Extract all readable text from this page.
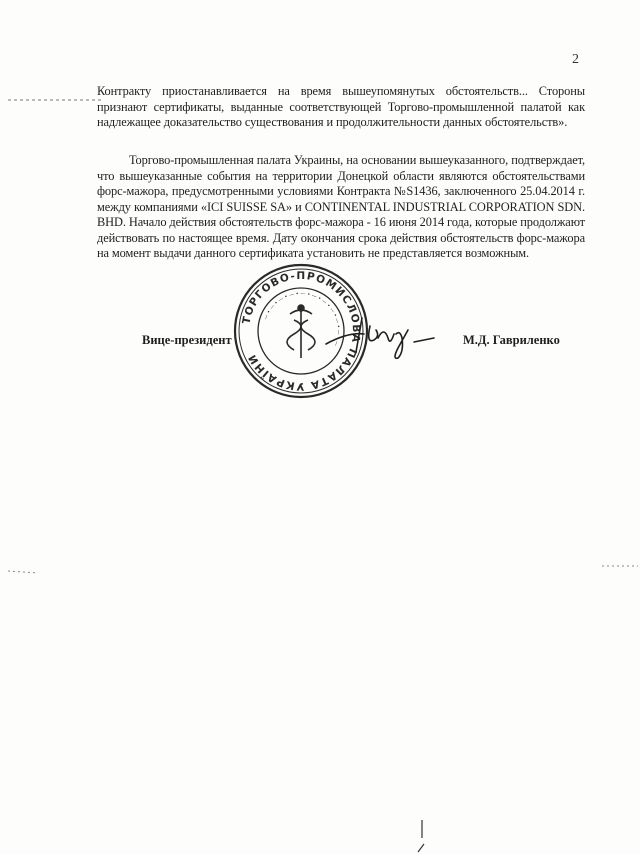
2

Контракту приостанавливается на время вышеупомянутых обстоятельств... Стороны признают сертификаты, выданные соответствующей Торгово-промышленной палатой как надлежащее доказательство существования и продолжительности данных обстоятельств».

Торгово-промышленная палата Украины, на основании вышеуказанного, подтверждает, что вышеуказанные события на территории Донецкой области являются обстоятельствами форс-мажора, предусмотренными условиями Контракта №S1436, заключенного 25.04.2014 г. между компаниями «ICI SUISSE SA» и CONTINENTAL INDUSTRIAL CORPORATION SDN. BHD. Начало действия обстоятельств форс-мажора - 16 июня 2014 года, которые продолжают действовать по настоящее время. Дату окончания срока действия обстоятельств форс-мажора на момент выдачи данного сертификата установить не представляется возможным.

ТОРГОВО-ПРОМИСЛОВА ПАЛАТА УКРАЇНИ
— • — • — • — • — • — • — • — • — • — • —
Вице-президент	М.Д. Гавриленко
